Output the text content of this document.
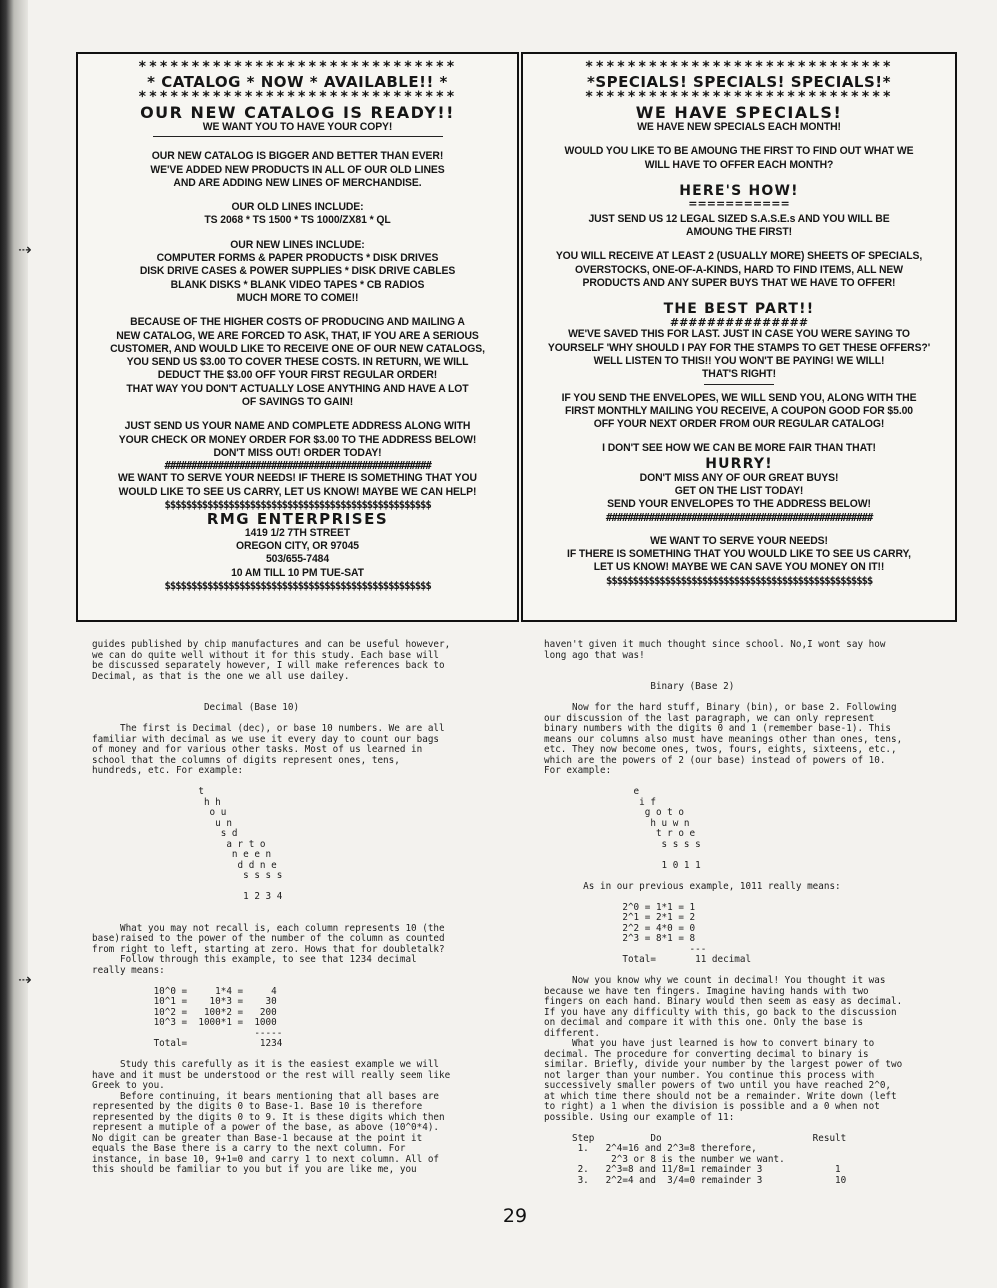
⇢
⇢
******************************
* CATALOG * NOW * AVAILABLE!! *
******************************
OUR NEW CATALOG IS READY!!

WE WANT YOU TO HAVE YOUR COPY!

OUR NEW CATALOG IS BIGGER AND BETTER THAN EVER!

WE'VE ADDED NEW PRODUCTS IN ALL OF OUR OLD LINES

AND ARE ADDING NEW LINES OF MERCHANDISE.

OUR OLD LINES INCLUDE:

TS 2068 * TS 1500 * TS 1000/ZX81 * QL

OUR NEW LINES INCLUDE:

COMPUTER FORMS & PAPER PRODUCTS * DISK DRIVES

DISK DRIVE CASES & POWER SUPPLIES * DISK DRIVE CABLES

BLANK DISKS * BLANK VIDEO TAPES * CB RADIOS

MUCH MORE TO COME!!

BECAUSE OF THE HIGHER COSTS OF PRODUCING AND MAILING A

NEW CATALOG, WE ARE FORCED TO ASK, THAT, IF YOU ARE A SERIOUS

CUSTOMER, AND WOULD LIKE TO RECEIVE ONE OF OUR NEW CATALOGS,

YOU SEND US $3.00 TO COVER THESE COSTS. IN RETURN, WE WILL

DEDUCT THE $3.00 OFF YOUR FIRST REGULAR ORDER!

THAT WAY YOU DON'T ACTUALLY LOSE ANYTHING AND HAVE A LOT

OF SAVINGS TO GAIN!

JUST SEND US YOUR NAME AND COMPLETE ADDRESS ALONG WITH

YOUR CHECK OR MONEY ORDER FOR $3.00 TO THE ADDRESS BELOW!

DON'T MISS OUT! ORDER TODAY!

##################################################

WE WANT TO SERVE YOUR NEEDS! IF THERE IS SOMETHING THAT YOU

WOULD LIKE TO SEE US CARRY, LET US KNOW! MAYBE WE CAN HELP!

$$$$$$$$$$$$$$$$$$$$$$$$$$$$$$$$$$$$$$$$$$$$$$$$$$
RMG ENTERPRISES

1419 1/2 7TH STREET

OREGON CITY, OR 97045

503/655-7484

10 AM TILL 10 PM TUE-SAT

$$$$$$$$$$$$$$$$$$$$$$$$$$$$$$$$$$$$$$$$$$$$$$$$$$
*****************************
*SPECIALS! SPECIALS! SPECIALS!*
*****************************
WE HAVE SPECIALS!

WE HAVE NEW SPECIALS EACH MONTH!

WOULD YOU LIKE TO BE AMOUNG THE FIRST TO FIND OUT WHAT WE

WILL HAVE TO OFFER EACH MONTH?

HERE'S HOW!
===========

JUST SEND US 12 LEGAL SIZED S.A.S.E.s AND YOU WILL BE

AMOUNG THE FIRST!

YOU WILL RECEIVE AT LEAST 2 (USUALLY MORE) SHEETS OF SPECIALS,

OVERSTOCKS, ONE-OF-A-KINDS, HARD TO FIND ITEMS, ALL NEW

PRODUCTS AND ANY SUPER BUYS THAT WE HAVE TO OFFER!

THE BEST PART!!
###############

WE'VE SAVED THIS FOR LAST. JUST IN CASE YOU WERE SAYING TO

YOURSELF 'WHY SHOULD I PAY FOR THE STAMPS TO GET THESE OFFERS?'

WELL LISTEN TO THIS!! YOU WON'T BE PAYING! WE WILL!

THAT'S RIGHT!

IF YOU SEND THE ENVELOPES, WE WILL SEND YOU, ALONG WITH THE

FIRST MONTHLY MAILING YOU RECEIVE, A COUPON GOOD FOR $5.00

OFF YOUR NEXT ORDER FROM OUR REGULAR CATALOG!

I DON'T SEE HOW WE CAN BE MORE FAIR THAN THAT!

HURRY!

DON'T MISS ANY OF OUR GREAT BUYS!

GET ON THE LIST TODAY!

SEND YOUR ENVELOPES TO THE ADDRESS BELOW!

##################################################

WE WANT TO SERVE YOUR NEEDS!

IF THERE IS SOMETHING THAT YOU WOULD LIKE TO SEE US CARRY,

LET US KNOW! MAYBE WE CAN SAVE YOU MONEY ON IT!!

$$$$$$$$$$$$$$$$$$$$$$$$$$$$$$$$$$$$$$$$$$$$$$$$$$
guides published by chip manufactures and can be useful however,
we can do quite well without it for this study. Each base will
be discussed separately however, I will make references back to
Decimal, as that is the one we all use dailey.
Decimal (Base 10)
The first is Decimal (dec), or base 10 numbers. We are all
familiar with decimal as we use it every day to count our bags
of money and for various other tasks. Most of us learned in
school that the columns of digits represent ones, tens,
hundreds, etc. For example:
t
h h
o u
u n
s d
a r t o
n e e n
d d n e
s s s s
1 2 3 4
What you may not recall is, each column represents 10 (the
base)raised to the power of the number of the column as counted
from right to left, starting at zero. Hows that for doubletalk?
Follow through this example, to see that 1234 decimal
really means:
10^0 =     1*4 =     4
10^1 =    10*3 =    30
10^2 =   100*2 =   200
10^3 =  1000*1 =  1000
-----
Total=             1234
Study this carefully as it is the easiest example we will
have and it must be understood or the rest will really seem like
Greek to you.
Before continuing, it bears mentioning that all bases are
represented by the digits 0 to Base-1. Base 10 is therefore
represented by the digits 0 to 9. It is these digits which then
represent a mutiple of a power of the base, as above (10^0*4).
No digit can be greater than Base-1 because at the point it
equals the Base there is a carry to the next column. For
instance, in base 10, 9+1=0 and carry 1 to next column. All of
this should be familiar to you but if you are like me, you
haven't given it much thought since school. No,I wont say how
long ago that was!
Binary (Base 2)
Now for the hard stuff, Binary (bin), or base 2. Following
our discussion of the last paragraph, we can only represent
binary numbers with the digits 0 and 1 (remember base-1). This
means our columns also must have meanings other than ones, tens,
etc. They now become ones, twos, fours, eights, sixteens, etc.,
which are the powers of 2 (our base) instead of powers of 10.
For example:
e
i f
g o t o
h u w n
t r o e
s s s s
1 0 1 1
As in our previous example, 1011 really means:
2^0 = 1*1 = 1
2^1 = 2*1 = 2
2^2 = 4*0 = 0
2^3 = 8*1 = 8
---
Total=       11 decimal
Now you know why we count in decimal! You thought it was
because we have ten fingers. Imagine having hands with two
fingers on each hand. Binary would then seem as easy as decimal.
If you have any difficulty with this, go back to the discussion
on decimal and compare it with this one. Only the base is
different.
What you have just learned is how to convert binary to
decimal. The procedure for converting decimal to binary is
similar. Briefly, divide your number by the largest power of two
not larger than your number. You continue this process with
successively smaller powers of two until you have reached 2^0,
at which time there should not be a remainder. Write down (left
to right) a 1 when the division is possible and a 0 when not
possible. Using our example of 11:
Step          Do                           Result
1.   2^4=16 and 2^3=8 therefore,
2^3 or 8 is the number we want.
2.   2^3=8 and 11/8=1 remainder 3             1
3.   2^2=4 and  3/4=0 remainder 3             10
29
